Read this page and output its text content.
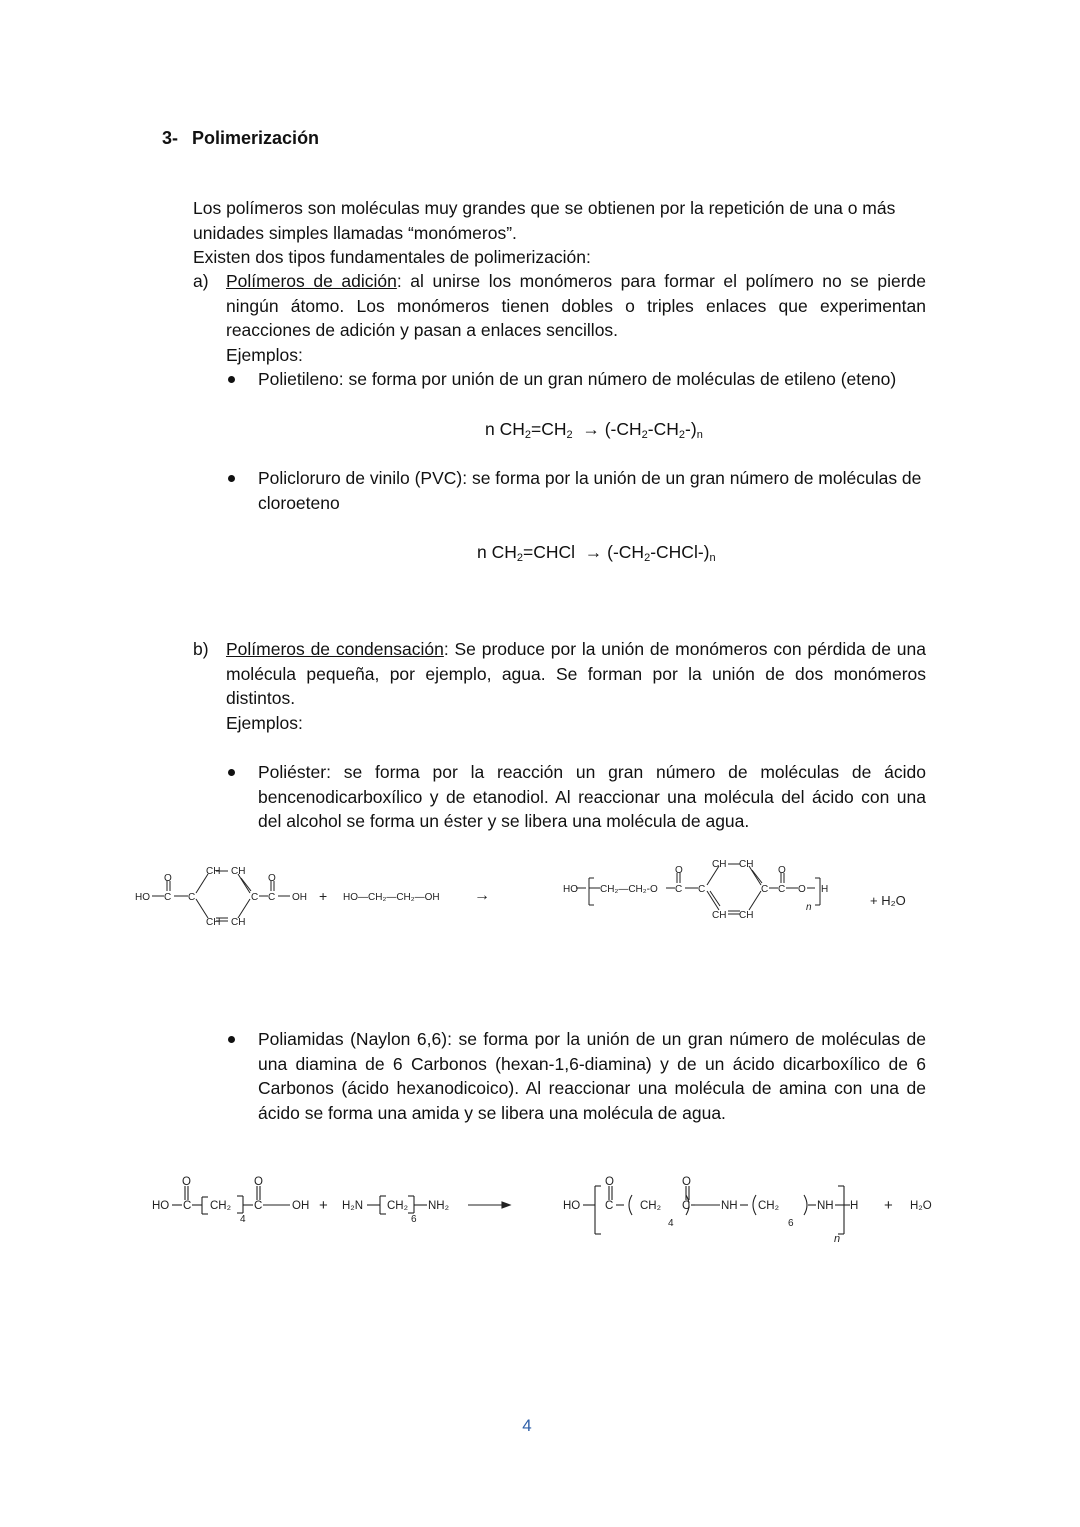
3- Polimerización
Los polímeros son moléculas muy grandes que se obtienen por la repetición de una o más unidades simples llamadas “monómeros”.
Existen dos tipos fundamentales de polimerización:
a) Polímeros de adición: al unirse los monómeros para formar el polímero no se pierde ningún átomo. Los monómeros tienen dobles o triples enlaces que experimentan reacciones de adición y pasan a enlaces sencillos.
Ejemplos:
Polietileno: se forma por unión de un gran número de moléculas de etileno (eteno)
n $CH_2=CH_2 \to (-CH_2-CH_2-)_n$
Policloruro de vinilo (PVC): se forma por la unión de un gran número de moléculas de cloroeteno
n $CH_2=CHCl$ → $(-CH_2-CHCl-)_n$
b) Polímeros de condensación: Se produce por la unión de monómeros con pérdida de una molécula pequeña, por ejemplo, agua. Se forman por la unión de dos monómeros distintos.
Ejemplos:
Poliéster: se forma por la reacción un gran número de moléculas de ácido bencenodicarboxílico y de etanodiol. Al reaccionar una molécula del ácido con una del alcohol se forma un éster y se libera una molécula de agua.
HO C
O
C
CH CH
CH CH
C C
O
OH + HO—CH₂—CH₂—OH →	HO CH₂—CH₂-O C
O
C
CH CH
CH CH
C C
O
O H
n	+ H₂O
Poliamidas (Naylon 6,6): se forma por la unión de un gran número de moléculas de una diamina de 6 Carbonos (hexan-1,6-diamina) y de un ácido dicarboxílico de 6 Carbonos (ácido hexanodicoico). Al reaccionar una molécula de amina con una de ácido se forma una amida y se libera una molécula de agua.
HO C
O
CH₂
4
C
O
OH + H₂N CH₂
6
NH₂	HO C
O
CH₂
4
C
O
NH CH₂
6
NH H
n
+ H₂O
4
